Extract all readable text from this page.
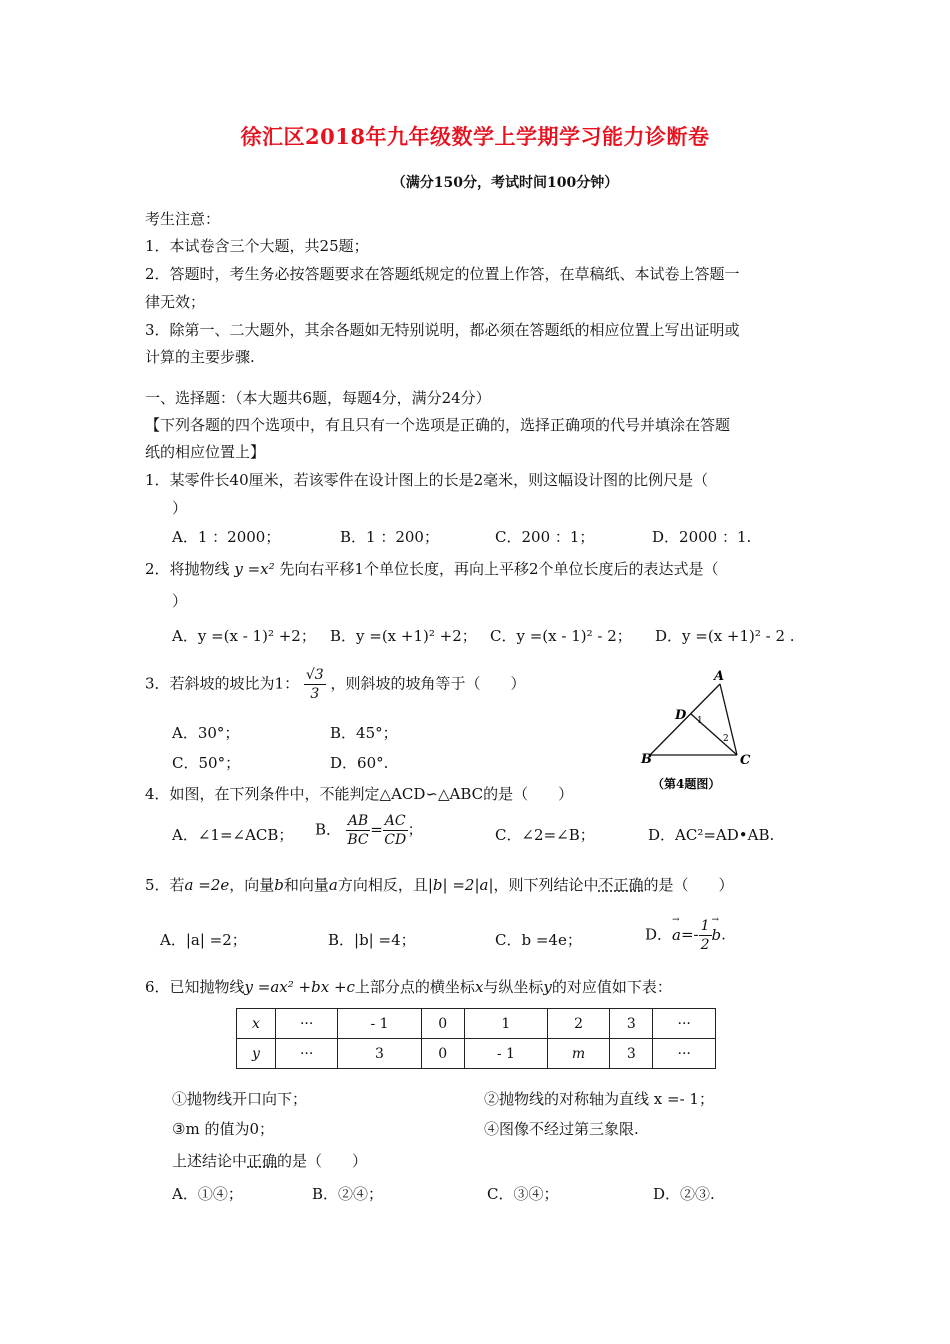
徐汇区2018年九年级数学上学期学习能力诊断卷
（满分150分，考试时间100分钟）
考生注意：
1．本试卷含三个大题，共25题；
2．答题时，考生务必按答题要求在答题纸规定的位置上作答，在草稿纸、本试卷上答题一
律无效；
3．除第一、二大题外，其余各题如无特别说明，都必须在答题纸的相应位置上写出证明或
计算的主要步骤.
一、选择题：（本大题共6题，每题4分，满分24分）
【下列各题的四个选项中，有且只有一个选项是正确的，选择正确项的代号并填涂在答题
纸的相应位置上】
1．某零件长40厘米，若该零件在设计图上的长是2毫米，则这幅设计图的比例尺是（
）
A．1 ：2000；	B．1 ：200；	C．200 ：1；	D．2000 ：1.
2．将抛物线 y =x² 先向右平移1个单位长度，再向上平移2个单位长度后的表达式是（
）
A．y =(x - 1)² +2； B．y =(x +1)² +2； C．y =(x - 1)² - 2； D．y =(x +1)² - 2 .
3．若斜坡的坡比为1： $\frac{√3}{3}$ ，则斜坡的坡角等于（　　）
A．30°；	B．45°；
C．50°；	D．60°.
A
B	C
D 1
2
（第4题图）
4．如图，在下列条件中，不能判定△ACD∽△ABC的是（　　）
A．∠1=∠ACB； B． $\frac{AB}{BC} = \frac{AC}{CD}$ ；	C．∠2=∠B；	D．AC²=AD•AB.
5．若a =2e，向量b和向量a方向相反，且|b| =2|a|，则下列结论中不正确的是（　　）
A．|a| =2；	B．|b| =4；	C．b =4e；	D．→ $a=- \frac{1}{2} \to b$.
6．已知抛物线y =ax² +bx +c上部分点的横坐标x与纵坐标y的对应值如下表：
x	···	- 1	0	1	2	3	···
y	···	3	0	- 1	m	3	···
①抛物线开口向下；	②抛物线的对称轴为直线 x =- 1；
③m 的值为0；	④图像不经过第三象限.
上述结论中正确的是（　　）
A．①④；	B．②④；	C．③④；	D．②③.
